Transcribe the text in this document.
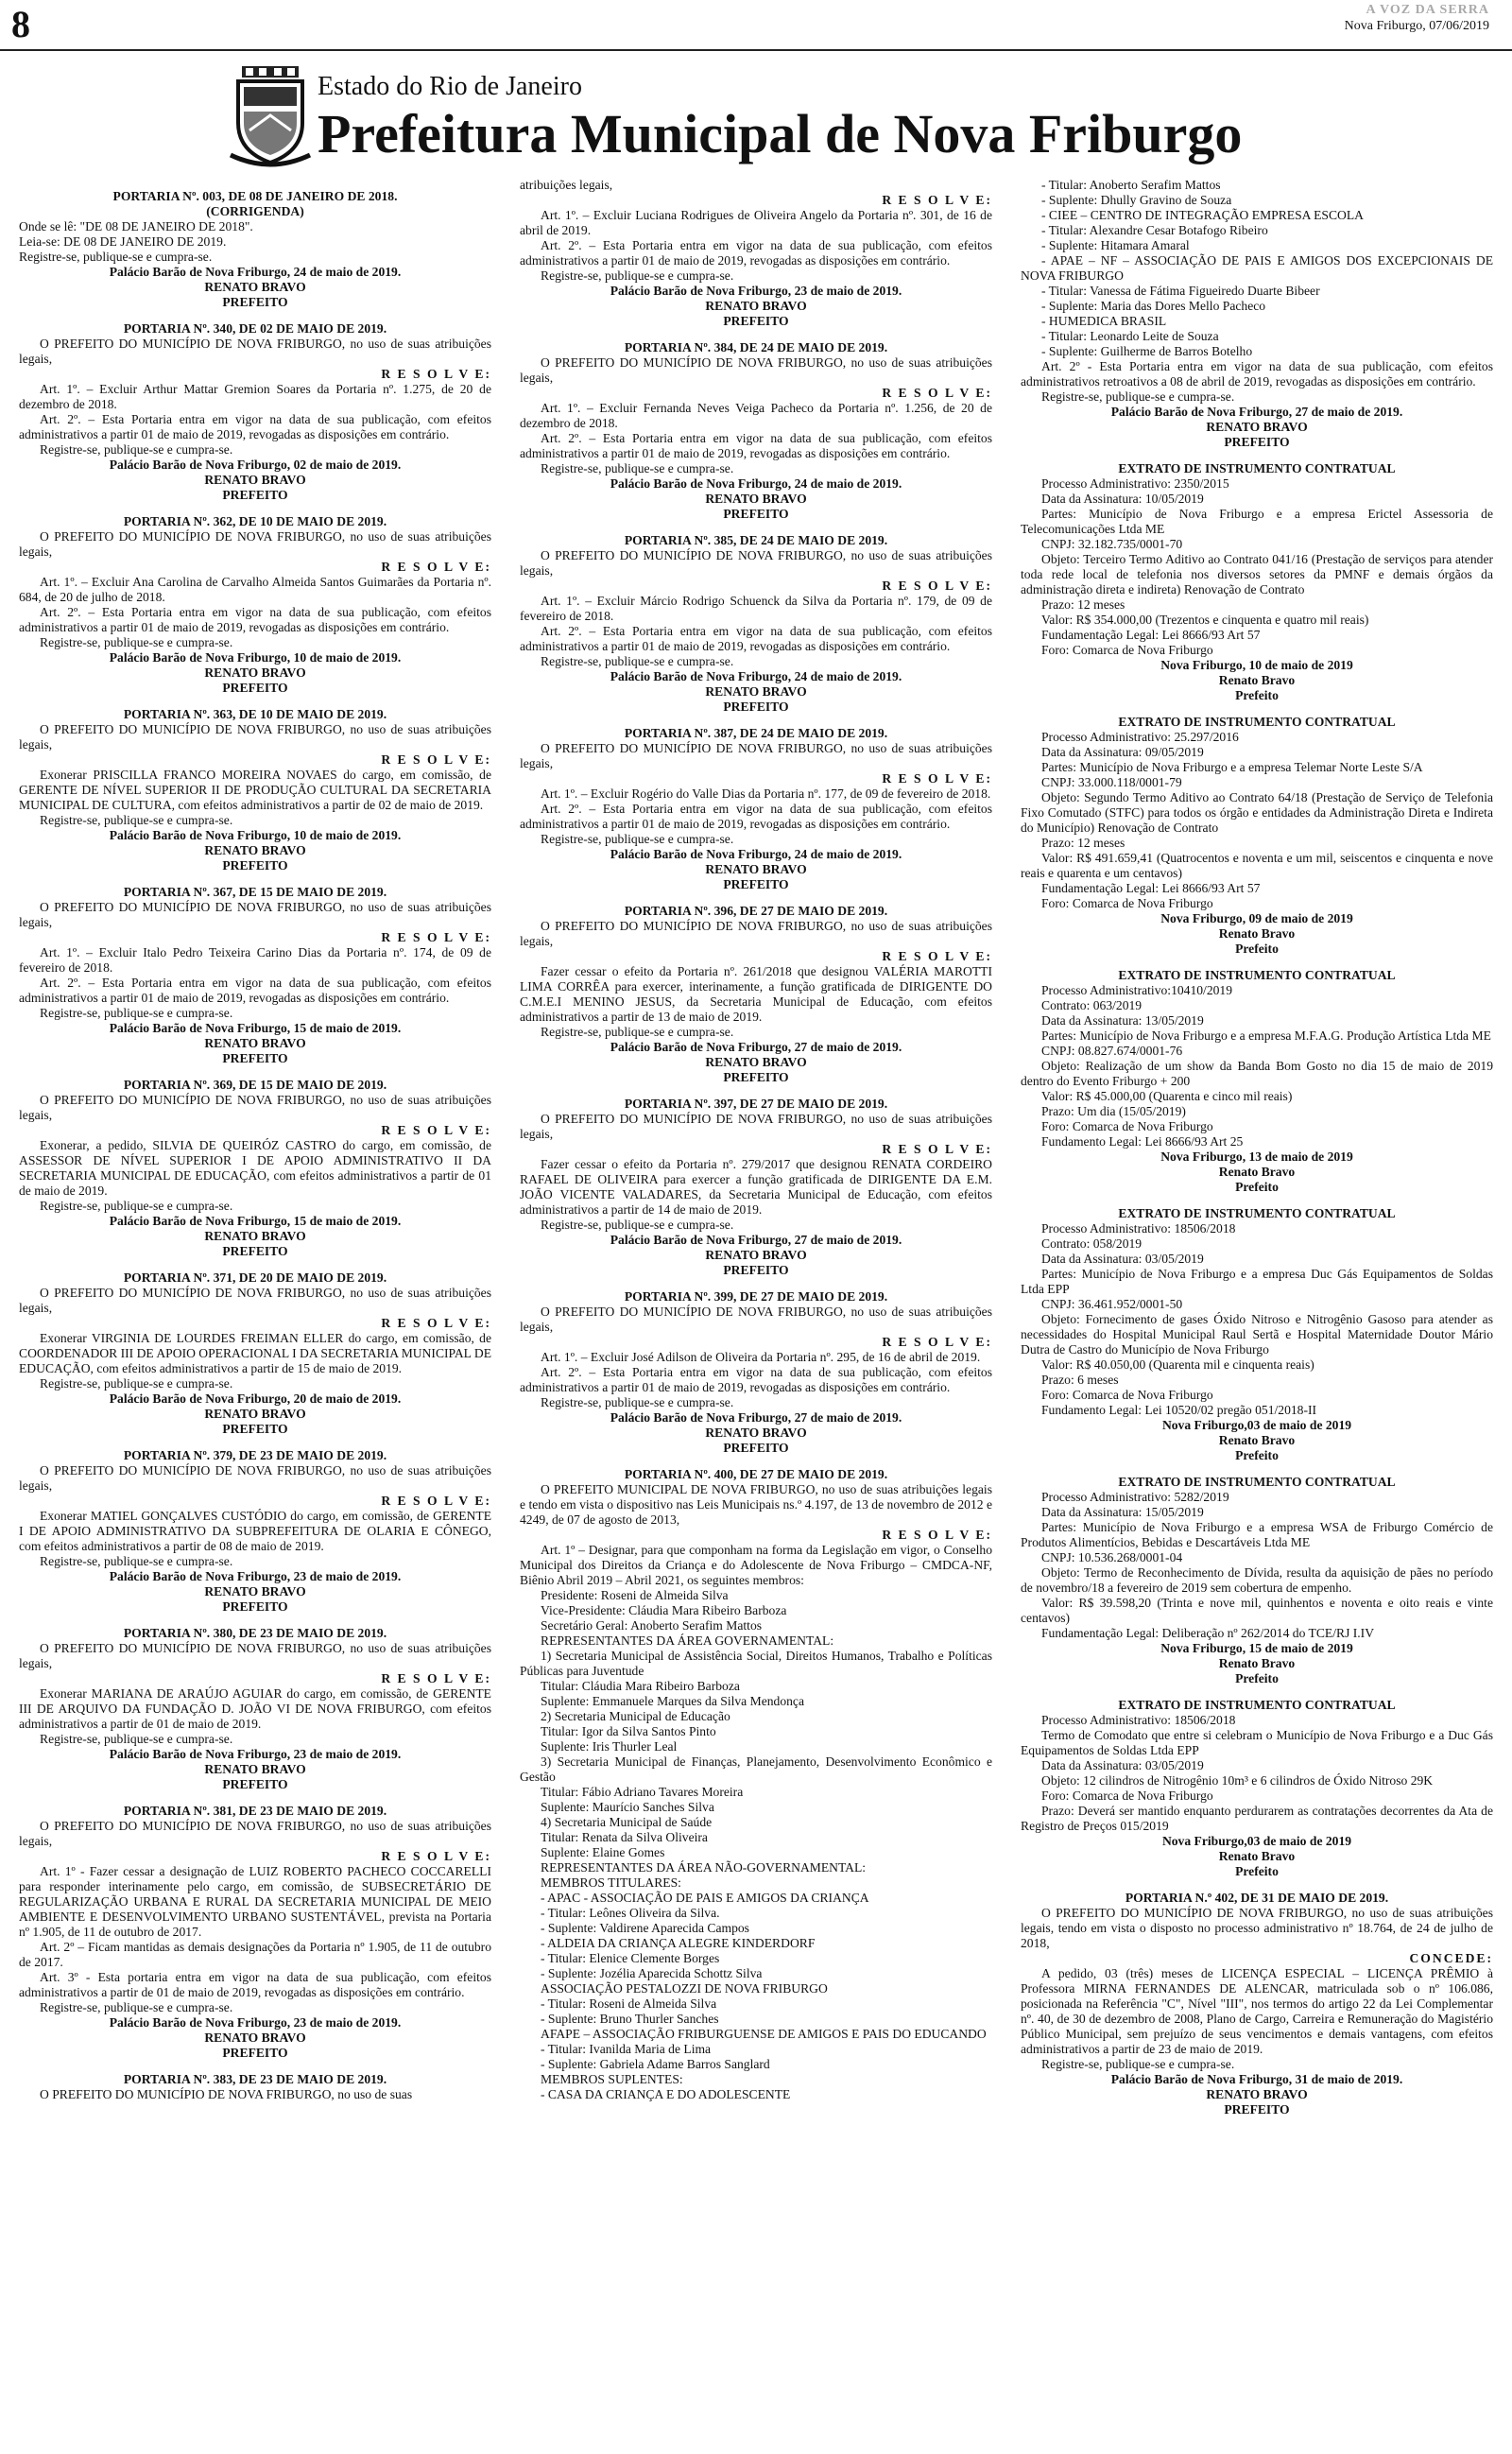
8	A VOZ DA SERRA
Nova Friburgo, 07/06/2019
Estado do Rio de Janeiro
Prefeitura Municipal de Nova Friburgo
PORTARIA Nº. 003, DE 08 DE JANEIRO DE 2018.
(CORRIGENDA)
Onde se lê: "DE 08 DE JANEIRO DE 2018".
Leia-se: DE 08 DE JANEIRO DE 2019.
Registre-se, publique-se e cumpra-se.
Palácio Barão de Nova Friburgo, 24 de maio de 2019.
RENATO BRAVO
PREFEITO
PORTARIA Nº. 340, DE 02 DE MAIO DE 2019.
O PREFEITO DO MUNICÍPIO DE NOVA FRIBURGO, no uso de suas atribuições legais,
R E S O L V E:
Art. 1º. – Excluir Arthur Mattar Gremion Soares da Portaria nº. 1.275, de 20 de dezembro de 2018.
Art. 2º. – Esta Portaria entra em vigor na data de sua publicação, com efeitos administrativos a partir 01 de maio de 2019, revogadas as disposições em contrário.
Registre-se, publique-se e cumpra-se.
Palácio Barão de Nova Friburgo, 02 de maio de 2019.
RENATO BRAVO
PREFEITO
PORTARIA Nº. 362, DE 10 DE MAIO DE 2019.
O PREFEITO DO MUNICÍPIO DE NOVA FRIBURGO, no uso de suas atribuições legais,
R E S O L V E:
Art. 1º. – Excluir Ana Carolina de Carvalho Almeida Santos Guimarães da Portaria nº. 684, de 20 de julho de 2018.
Art. 2º. – Esta Portaria entra em vigor na data de sua publicação, com efeitos administrativos a partir 01 de maio de 2019, revogadas as disposições em contrário.
Registre-se, publique-se e cumpra-se.
Palácio Barão de Nova Friburgo, 10 de maio de 2019.
RENATO BRAVO
PREFEITO
PORTARIA Nº. 363, DE 10 DE MAIO DE 2019.
O PREFEITO DO MUNICÍPIO DE NOVA FRIBURGO, no uso de suas atribuições legais,
R E S O L V E:
Exonerar PRISCILLA FRANCO MOREIRA NOVAES do cargo, em comissão, de GERENTE DE NÍVEL SUPERIOR II DE PRODUÇÃO CULTURAL DA SECRETARIA MUNICIPAL DE CULTURA, com efeitos administrativos a partir de 02 de maio de 2019.
Registre-se, publique-se e cumpra-se.
Palácio Barão de Nova Friburgo, 10 de maio de 2019.
RENATO BRAVO
PREFEITO
PORTARIA Nº. 367, DE 15 DE MAIO DE 2019.
O PREFEITO DO MUNICÍPIO DE NOVA FRIBURGO, no uso de suas atribuições legais,
R E S O L V E:
Art. 1º. – Excluir Italo Pedro Teixeira Carino Dias da Portaria nº. 174, de 09 de fevereiro de 2018.
Art. 2º. – Esta Portaria entra em vigor na data de sua publicação, com efeitos administrativos a partir 01 de maio de 2019, revogadas as disposições em contrário.
Registre-se, publique-se e cumpra-se.
Palácio Barão de Nova Friburgo, 15 de maio de 2019.
RENATO BRAVO
PREFEITO
PORTARIA Nº. 369, DE 15 DE MAIO DE 2019.
O PREFEITO DO MUNICÍPIO DE NOVA FRIBURGO, no uso de suas atribuições legais,
R E S O L V E:
Exonerar, a pedido, SILVIA DE QUEIRÓZ CASTRO do cargo, em comissão, de ASSESSOR DE NÍVEL SUPERIOR I DE APOIO ADMINISTRATIVO II DA SECRETARIA MUNICIPAL DE EDUCAÇÃO, com efeitos administrativos a partir de 01 de maio de 2019.
Registre-se, publique-se e cumpra-se.
Palácio Barão de Nova Friburgo, 15 de maio de 2019.
RENATO BRAVO
PREFEITO
PORTARIA Nº. 371, DE 20 DE MAIO DE 2019.
O PREFEITO DO MUNICÍPIO DE NOVA FRIBURGO, no uso de suas atribuições legais,
R E S O L V E:
Exonerar VIRGINIA DE LOURDES FREIMAN ELLER do cargo, em comissão, de COORDENADOR III DE APOIO OPERACIONAL I DA SECRETARIA MUNICIPAL DE EDUCAÇÃO, com efeitos administrativos a partir de 15 de maio de 2019.
Registre-se, publique-se e cumpra-se.
Palácio Barão de Nova Friburgo, 20 de maio de 2019.
RENATO BRAVO
PREFEITO
PORTARIA Nº. 379, DE 23 DE MAIO DE 2019.
O PREFEITO DO MUNICÍPIO DE NOVA FRIBURGO, no uso de suas atribuições legais,
R E S O L V E:
Exonerar MATIEL GONÇALVES CUSTÓDIO do cargo, em comissão, de GERENTE I DE APOIO ADMINISTRATIVO DA SUBPREFEITURA DE OLARIA E CÔNEGO, com efeitos administrativos a partir de 08 de maio de 2019.
Registre-se, publique-se e cumpra-se.
Palácio Barão de Nova Friburgo, 23 de maio de 2019.
RENATO BRAVO
PREFEITO
PORTARIA Nº. 380, DE 23 DE MAIO DE 2019.
O PREFEITO DO MUNICÍPIO DE NOVA FRIBURGO, no uso de suas atribuições legais,
R E S O L V E:
Exonerar MARIANA DE ARAÚJO AGUIAR do cargo, em comissão, de GERENTE III DE ARQUIVO DA FUNDAÇÃO D. JOÃO VI DE NOVA FRIBURGO, com efeitos administrativos a partir de 01 de maio de 2019.
Registre-se, publique-se e cumpra-se.
Palácio Barão de Nova Friburgo, 23 de maio de 2019.
RENATO BRAVO
PREFEITO
PORTARIA Nº. 381, DE 23 DE MAIO DE 2019.
O PREFEITO DO MUNICÍPIO DE NOVA FRIBURGO, no uso de suas atribuições legais,
R E S O L V E:
Art. 1º - Fazer cessar a designação de LUIZ ROBERTO PACHECO COCCARELLI para responder interinamente pelo cargo, em comissão, de SUBSECRETÁRIO DE REGULARIZAÇÃO URBANA E RURAL DA SECRETARIA MUNICIPAL DE MEIO AMBIENTE E DESENVOLVIMENTO URBANO SUSTENTÁVEL, prevista na Portaria nº 1.905, de 11 de outubro de 2017.
Art. 2º – Ficam mantidas as demais designações da Portaria nº 1.905, de 11 de outubro de 2017.
Art. 3º - Esta portaria entra em vigor na data de sua publicação, com efeitos administrativos a partir de 01 de maio de 2019, revogadas as disposições em contrário.
Registre-se, publique-se e cumpra-se.
Palácio Barão de Nova Friburgo, 23 de maio de 2019.
RENATO BRAVO
PREFEITO
PORTARIA Nº. 383, DE 23 DE MAIO DE 2019.
O PREFEITO DO MUNICÍPIO DE NOVA FRIBURGO, no uso de suas
atribuições legais,
R E S O L V E:
Art. 1º. – Excluir Luciana Rodrigues de Oliveira Angelo da Portaria nº. 301, de 16 de abril de 2019.
Art. 2º. – Esta Portaria entra em vigor na data de sua publicação, com efeitos administrativos a partir 01 de maio de 2019, revogadas as disposições em contrário.
Registre-se, publique-se e cumpra-se.
Palácio Barão de Nova Friburgo, 23 de maio de 2019.
RENATO BRAVO
PREFEITO
PORTARIA Nº. 384, DE 24 DE MAIO DE 2019.
O PREFEITO DO MUNICÍPIO DE NOVA FRIBURGO, no uso de suas atribuições legais,
R E S O L V E:
Art. 1º. – Excluir Fernanda Neves Veiga Pacheco da Portaria nº. 1.256, de 20 de dezembro de 2018.
Art. 2º. – Esta Portaria entra em vigor na data de sua publicação, com efeitos administrativos a partir 01 de maio de 2019, revogadas as disposições em contrário.
Registre-se, publique-se e cumpra-se.
Palácio Barão de Nova Friburgo, 24 de maio de 2019.
RENATO BRAVO
PREFEITO
PORTARIA Nº. 385, DE 24 DE MAIO DE 2019.
O PREFEITO DO MUNICÍPIO DE NOVA FRIBURGO, no uso de suas atribuições legais,
R E S O L V E:
Art. 1º. – Excluir Márcio Rodrigo Schuenck da Silva da Portaria nº. 179, de 09 de fevereiro de 2018.
Art. 2º. – Esta Portaria entra em vigor na data de sua publicação, com efeitos administrativos a partir 01 de maio de 2019, revogadas as disposições em contrário.
Registre-se, publique-se e cumpra-se.
Palácio Barão de Nova Friburgo, 24 de maio de 2019.
RENATO BRAVO
PREFEITO
PORTARIA Nº. 387, DE 24 DE MAIO DE 2019.
O PREFEITO DO MUNICÍPIO DE NOVA FRIBURGO, no uso de suas atribuições legais,
R E S O L V E:
Art. 1º. – Excluir Rogério do Valle Dias da Portaria nº. 177, de 09 de fevereiro de 2018.
Art. 2º. – Esta Portaria entra em vigor na data de sua publicação, com efeitos administrativos a partir 01 de maio de 2019, revogadas as disposições em contrário.
Registre-se, publique-se e cumpra-se.
Palácio Barão de Nova Friburgo, 24 de maio de 2019.
RENATO BRAVO
PREFEITO
PORTARIA Nº. 396, DE 27 DE MAIO DE 2019.
O PREFEITO DO MUNICÍPIO DE NOVA FRIBURGO, no uso de suas atribuições legais,
R E S O L V E:
Fazer cessar o efeito da Portaria nº. 261/2018 que designou VALÉRIA MAROTTI LIMA CORRÊA para exercer, interinamente, a função gratificada de DIRIGENTE DO C.M.E.I MENINO JESUS, da Secretaria Municipal de Educação, com efeitos administrativos a partir de 13 de maio de 2019.
Registre-se, publique-se e cumpra-se.
Palácio Barão de Nova Friburgo, 27 de maio de 2019.
RENATO BRAVO
PREFEITO
PORTARIA Nº. 397, DE 27 DE MAIO DE 2019.
O PREFEITO DO MUNICÍPIO DE NOVA FRIBURGO, no uso de suas atribuições legais,
R E S O L V E:
Fazer cessar o efeito da Portaria nº. 279/2017 que designou RENATA CORDEIRO RAFAEL DE OLIVEIRA para exercer a função gratificada de DIRIGENTE DA E.M. JOÃO VICENTE VALADARES, da Secretaria Municipal de Educação, com efeitos administrativos a partir de 14 de maio de 2019.
Registre-se, publique-se e cumpra-se.
Palácio Barão de Nova Friburgo, 27 de maio de 2019.
RENATO BRAVO
PREFEITO
PORTARIA Nº. 399, DE 27 DE MAIO DE 2019.
O PREFEITO DO MUNICÍPIO DE NOVA FRIBURGO, no uso de suas atribuições legais,
R E S O L V E:
Art. 1º. – Excluir José Adilson de Oliveira da Portaria nº. 295, de 16 de abril de 2019.
Art. 2º. – Esta Portaria entra em vigor na data de sua publicação, com efeitos administrativos a partir 01 de maio de 2019, revogadas as disposições em contrário.
Registre-se, publique-se e cumpra-se.
Palácio Barão de Nova Friburgo, 27 de maio de 2019.
RENATO BRAVO
PREFEITO
PORTARIA Nº. 400, DE 27 DE MAIO DE 2019.
O PREFEITO MUNICIPAL DE NOVA FRIBURGO, no uso de suas atribuições legais e tendo em vista o dispositivo nas Leis Municipais ns.º 4.197, de 13 de novembro de 2012 e 4249, de 07 de agosto de 2013,
R E S O L V E:
Art. 1º – Designar, para que componham na forma da Legislação em vigor, o Conselho Municipal dos Direitos da Criança e do Adolescente de Nova Friburgo – CMDCA-NF, Biênio Abril 2019 – Abril 2021, os seguintes membros:
Presidente: Roseni de Almeida Silva
Vice-Presidente: Cláudia Mara Ribeiro Barboza
Secretário Geral: Anoberto Serafim Mattos
REPRESENTANTES DA ÁREA GOVERNAMENTAL:
1) Secretaria Municipal de Assistência Social, Direitos Humanos, Trabalho e Políticas Públicas para Juventude
Titular: Cláudia Mara Ribeiro Barboza
Suplente: Emmanuele Marques da Silva Mendonça
2) Secretaria Municipal de Educação
Titular: Igor da Silva Santos Pinto
Suplente: Iris Thurler Leal
3) Secretaria Municipal de Finanças, Planejamento, Desenvolvimento Econômico e Gestão
Titular: Fábio Adriano Tavares Moreira
Suplente: Maurício Sanches Silva
4) Secretaria Municipal de Saúde
Titular: Renata da Silva Oliveira
Suplente: Elaine Gomes
REPRESENTANTES DA ÁREA NÃO-GOVERNAMENTAL:
MEMBROS TITULARES:
- APAC - ASSOCIAÇÃO DE PAIS E AMIGOS DA CRIANÇA
- Titular: Leônes Oliveira da Silva.
- Suplente: Valdirene Aparecida Campos
- ALDEIA DA CRIANÇA ALEGRE KINDERDORF
- Titular: Elenice Clemente Borges
- Suplente: Jozélia Aparecida Schottz Silva
ASSOCIAÇÃO PESTALOZZI DE NOVA FRIBURGO
- Titular: Roseni de Almeida Silva
- Suplente: Bruno Thurler Sanches
AFAPE – ASSOCIAÇÃO FRIBURGUENSE DE AMIGOS E PAIS DO EDUCANDO
- Titular: Ivanilda Maria de Lima
- Suplente: Gabriela Adame Barros Sanglard
MEMBROS SUPLENTES:
- CASA DA CRIANÇA E DO ADOLESCENTE
- Titular: Anoberto Serafim Mattos
- Suplente: Dhully Gravino de Souza
- CIEE – CENTRO DE INTEGRAÇÃO EMPRESA ESCOLA
- Titular: Alexandre Cesar Botafogo Ribeiro
- Suplente: Hitamara Amaral
- APAE – NF – ASSOCIAÇÃO DE PAIS E AMIGOS DOS EXCEPCIONAIS DE NOVA FRIBURGO
- Titular: Vanessa de Fátima Figueiredo Duarte Bibeer
- Suplente: Maria das Dores Mello Pacheco
- HUMEDICA BRASIL
- Titular: Leonardo Leite de Souza
- Suplente: Guilherme de Barros Botelho
Art. 2º - Esta Portaria entra em vigor na data de sua publicação, com efeitos administrativos retroativos a 08 de abril de 2019, revogadas as disposições em contrário.
Registre-se, publique-se e cumpra-se.
Palácio Barão de Nova Friburgo, 27 de maio de 2019.
RENATO BRAVO
PREFEITO
EXTRATO DE INSTRUMENTO CONTRATUAL
Processo Administrativo: 2350/2015
Data da Assinatura: 10/05/2019
Partes: Município de Nova Friburgo e a empresa Erictel Assessoria de Telecomunicações Ltda ME
CNPJ: 32.182.735/0001-70
Objeto: Terceiro Termo Aditivo ao Contrato 041/16 (Prestação de serviços para atender toda rede local de telefonia nos diversos setores da PMNF e demais órgãos da administração direta e indireta) Renovação de Contrato
Prazo: 12 meses
Valor: R$ 354.000,00 (Trezentos e cinquenta e quatro mil reais)
Fundamentação Legal: Lei 8666/93 Art 57
Foro: Comarca de Nova Friburgo
Nova Friburgo, 10 de maio de 2019
Renato Bravo
Prefeito
EXTRATO DE INSTRUMENTO CONTRATUAL
Processo Administrativo: 25.297/2016
Data da Assinatura: 09/05/2019
Partes: Município de Nova Friburgo e a empresa Telemar Norte Leste S/A
CNPJ: 33.000.118/0001-79
Objeto: Segundo Termo Aditivo ao Contrato 64/18 (Prestação de Serviço de Telefonia Fixo Comutado (STFC) para todos os órgão e entidades da Administração Direta e Indireta do Município) Renovação de Contrato
Prazo: 12 meses
Valor: R$ 491.659,41 (Quatrocentos e noventa e um mil, seiscentos e cinquenta e nove reais e quarenta e um centavos)
Fundamentação Legal: Lei 8666/93 Art 57
Foro: Comarca de Nova Friburgo
Nova Friburgo, 09 de maio de 2019
Renato Bravo
Prefeito
EXTRATO DE INSTRUMENTO CONTRATUAL
Processo Administrativo:10410/2019
Contrato: 063/2019
Data da Assinatura: 13/05/2019
Partes: Município de Nova Friburgo e a empresa M.F.A.G. Produção Artística Ltda ME
CNPJ: 08.827.674/0001-76
Objeto: Realização de um show da Banda Bom Gosto no dia 15 de maio de 2019 dentro do Evento Friburgo + 200
Valor: R$ 45.000,00 (Quarenta e cinco mil reais)
Prazo: Um dia (15/05/2019)
Foro: Comarca de Nova Friburgo
Fundamento Legal: Lei 8666/93 Art 25
Nova Friburgo, 13 de maio de 2019
Renato Bravo
Prefeito
EXTRATO DE INSTRUMENTO CONTRATUAL
Processo Administrativo: 18506/2018
Contrato: 058/2019
Data da Assinatura: 03/05/2019
Partes: Município de Nova Friburgo e a empresa Duc Gás Equipamentos de Soldas Ltda EPP
CNPJ: 36.461.952/0001-50
Objeto: Fornecimento de gases Óxido Nitroso e Nitrogênio Gasoso para atender as necessidades do Hospital Municipal Raul Sertã e Hospital Maternidade Doutor Mário Dutra de Castro do Município de Nova Friburgo
Valor: R$ 40.050,00 (Quarenta mil e cinquenta reais)
Prazo: 6 meses
Foro: Comarca de Nova Friburgo
Fundamento Legal: Lei 10520/02 pregão 051/2018-II
Nova Friburgo,03 de maio de 2019
Renato Bravo
Prefeito
EXTRATO DE INSTRUMENTO CONTRATUAL
Processo Administrativo: 5282/2019
Data da Assinatura: 15/05/2019
Partes: Município de Nova Friburgo e a empresa WSA de Friburgo Comércio de Produtos Alimentícios, Bebidas e Descartáveis Ltda ME
CNPJ: 10.536.268/0001-04
Objeto: Termo de Reconhecimento de Dívida, resulta da aquisição de pães no período de novembro/18 a fevereiro de 2019 sem cobertura de empenho.
Valor: R$ 39.598,20 (Trinta e nove mil, quinhentos e noventa e oito reais e vinte centavos)
Fundamentação Legal: Deliberação nº 262/2014 do TCE/RJ I.IV
Nova Friburgo, 15 de maio de 2019
Renato Bravo
Prefeito
EXTRATO DE INSTRUMENTO CONTRATUAL
Processo Administrativo: 18506/2018
Termo de Comodato que entre si celebram o Município de Nova Friburgo e a Duc Gás Equipamentos de Soldas Ltda EPP
Data da Assinatura: 03/05/2019
Objeto: 12 cilindros de Nitrogênio 10m³ e 6 cilindros de Óxido Nitroso 29K
Foro: Comarca de Nova Friburgo
Prazo: Deverá ser mantido enquanto perdurarem as contratações decorrentes da Ata de Registro de Preços 015/2019
Nova Friburgo,03 de maio de 2019
Renato Bravo
Prefeito
PORTARIA N.º 402, DE 31 DE MAIO DE 2019.
O PREFEITO DO MUNICÍPIO DE NOVA FRIBURGO, no uso de suas atribuições legais, tendo em vista o disposto no processo administrativo nº 18.764, de 24 de julho de 2018,
CONCEDE:
A pedido, 03 (três) meses de LICENÇA ESPECIAL – LICENÇA PRÊMIO à Professora MIRNA FERNANDES DE ALENCAR, matriculada sob o nº 106.086, posicionada na Referência "C", Nível "III", nos termos do artigo 22 da Lei Complementar nº. 40, de 30 de dezembro de 2008, Plano de Cargo, Carreira e Remuneração do Magistério Público Municipal, sem prejuízo de seus vencimentos e demais vantagens, com efeitos administrativos a partir de 23 de maio de 2019.
Registre-se, publique-se e cumpra-se.
Palácio Barão de Nova Friburgo, 31 de maio de 2019.
RENATO BRAVO
PREFEITO
